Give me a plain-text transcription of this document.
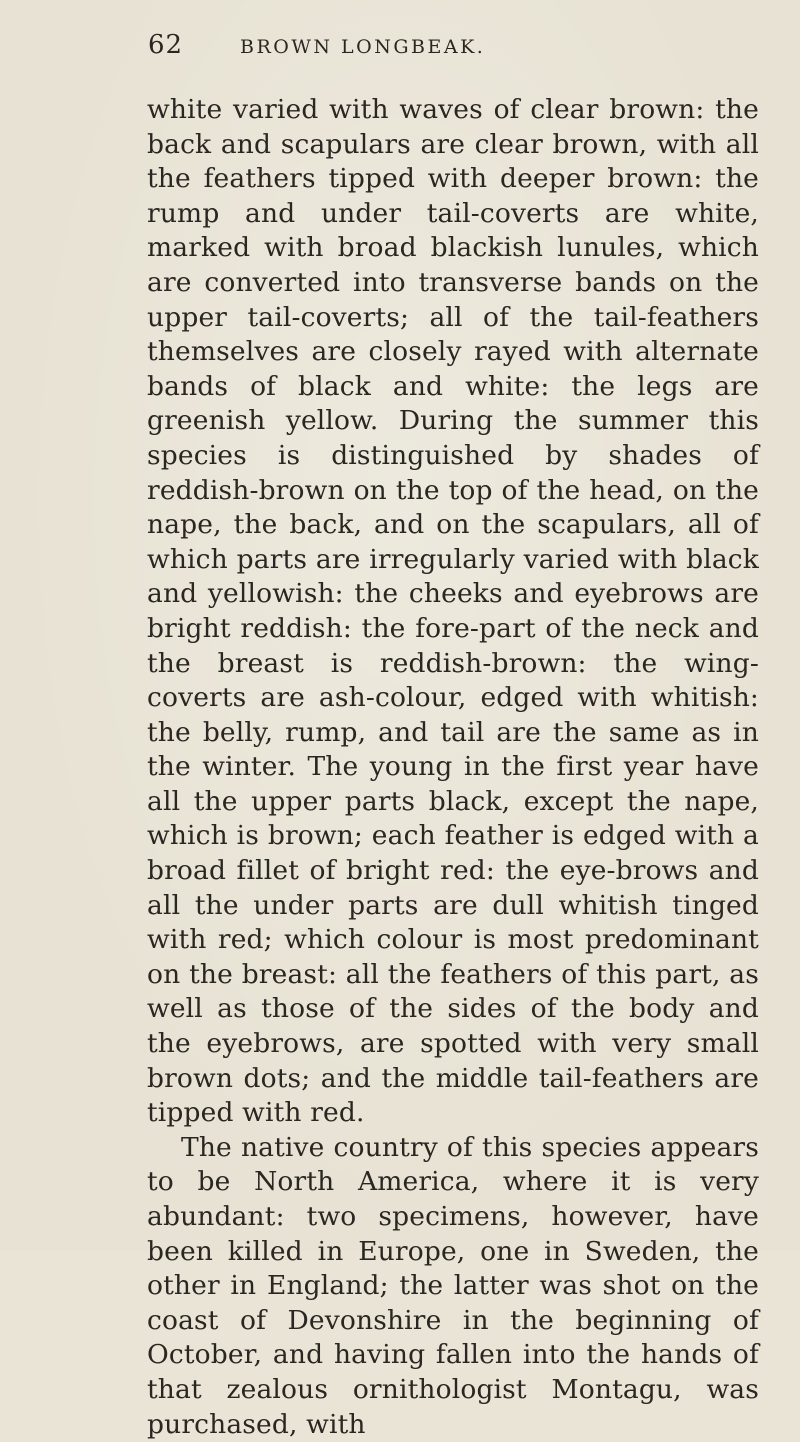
62	BROWN LONGBEAK.

white varied with waves of clear brown: the back and scapulars are clear brown, with all the feathers tipped with deeper brown: the rump and under tail-coverts are white, marked with broad blackish lunules, which are converted into transverse bands on the upper tail-coverts; all of the tail-feathers themselves are closely rayed with alternate bands of black and white: the legs are greenish yellow. During the summer this species is distinguished by shades of reddish-brown on the top of the head, on the nape, the back, and on the scapulars, all of which parts are irregularly varied with black and yellowish: the cheeks and eyebrows are bright reddish: the fore-part of the neck and the breast is reddish-brown: the wing-coverts are ash-colour, edged with whitish: the belly, rump, and tail are the same as in the winter. The young in the first year have all the upper parts black, except the nape, which is brown; each feather is edged with a broad fillet of bright red: the eye-brows and all the under parts are dull whitish tinged with red; which colour is most predominant on the breast: all the feathers of this part, as well as those of the sides of the body and the eyebrows, are spotted with very small brown dots; and the middle tail-feathers are tipped with red.

The native country of this species appears to be North America, where it is very abundant: two specimens, however, have been killed in Europe, one in Sweden, the other in England; the latter was shot on the coast of Devonshire in the beginning of October, and having fallen into the hands of that zealous ornithologist Montagu, was purchased, with
